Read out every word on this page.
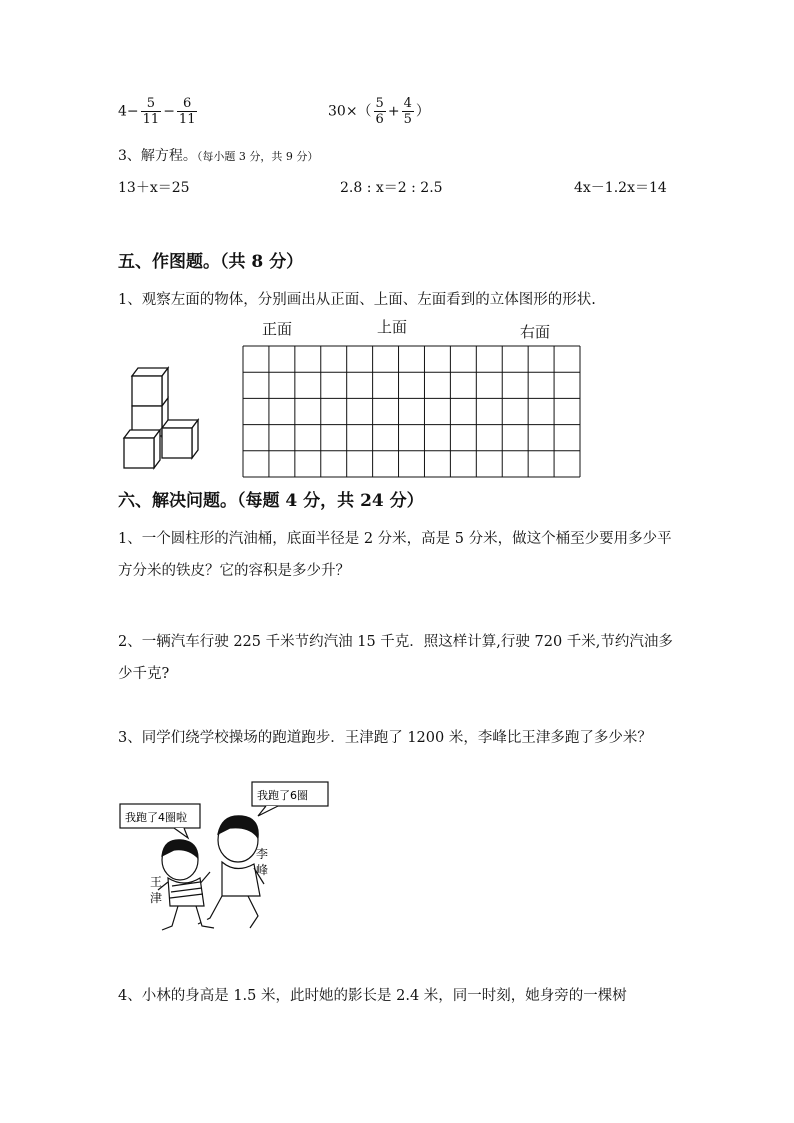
$4- \frac{5}{11} - \frac{6}{11}$	$30\times( \frac{5}{6} + \frac{4}{5}$ ）
3、解方程。（每小题 3 分，共 9 分）
13＋x＝25	2.8 : x＝2 : 2.5	4x－1.2x＝14
五、作图题。（共 8 分）
1、观察左面的物体，分别画出从正面、上面、左面看到的立体图形的形状.
正面	上面	右面
六、解决问题。（每题 4 分，共 24 分）
1、一个圆柱形的汽油桶，底面半径是 2 分米，高是 5 分米，做这个桶至少要用多少平方分米的铁皮？它的容积是多少升？
2、一辆汽车行驶 225 千米节约汽油 15 千克．照这样计算,行驶 720 千米,节约汽油多少千克?
3、同学们绕学校操场的跑道跑步．王津跑了 1200 米，李峰比王津多跑了多少米？
我跑了6圈
我跑了4圈啦
李
峰
王
津
4、小林的身高是 1.5 米，此时她的影长是 2.4 米，同一时刻，她身旁的一棵树
